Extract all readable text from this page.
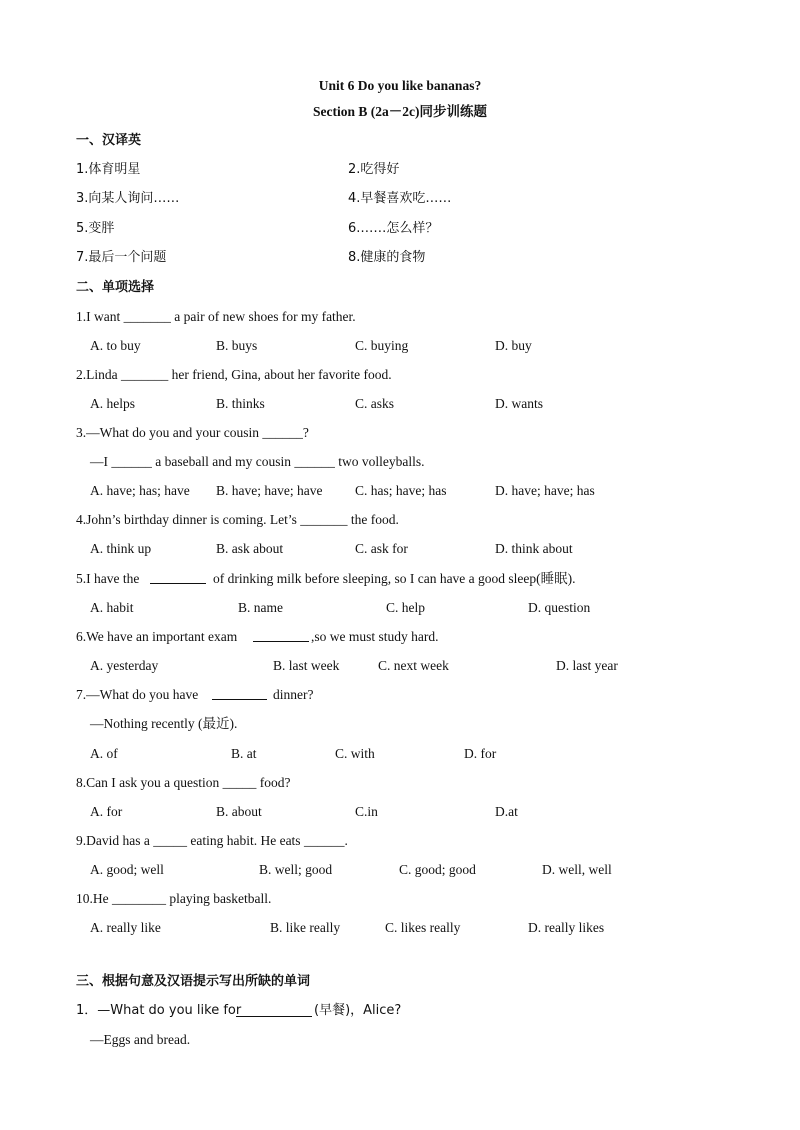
Unit 6 Do you like bananas?
Section B (2a－2c)同步训练题
一、汉译英
1.体育明星	2.吃得好
3.向某人询问……	4.早餐喜欢吃……
5.变胖	6.……怎么样？
7.最后一个问题	8.健康的食物
二、单项选择
1.I want _______ a pair of new shoes for my father.
A. to buy	B. buys	C. buying	D. buy
2.Linda _______ her friend, Gina, about her favorite food.
A. helps	B. thinks	C. asks	D. wants
3.—What do you and your cousin ______?
—I ______ a baseball and my cousin ______ two volleyballs.
A. have; has; have B. have; have; have C. has; have; has	D. have; have; has
4.John’s birthday dinner is coming. Let’s _______ the food.
A. think up	B. ask about	C. ask for	D. think about
5.I have the	of drinking milk before sleeping, so I can have a good sleep(睡眠).
A. habit	B. name	C. help	D. question
6.We have an important exam	,so we must study hard.
A. yesterday	B. last week	C. next week	D. last year
7.—What do you have	dinner?
—Nothing recently (最近).
A. of	B. at	C. with	D. for
8.Can I ask you a question _____ food?
A. for	B. about	C.in	D.at
9.David has a _____ eating habit. He eats ______.
A. good; well	B. well; good	C. good; good	D. well, well
10.He ________ playing basketball.
A. really like	B. like really	C. likes really	D. really likes
三、根据句意及汉语提示写出所缺的单词
1．—What do you like for	(早餐)，Alice?
—Eggs and bread.
